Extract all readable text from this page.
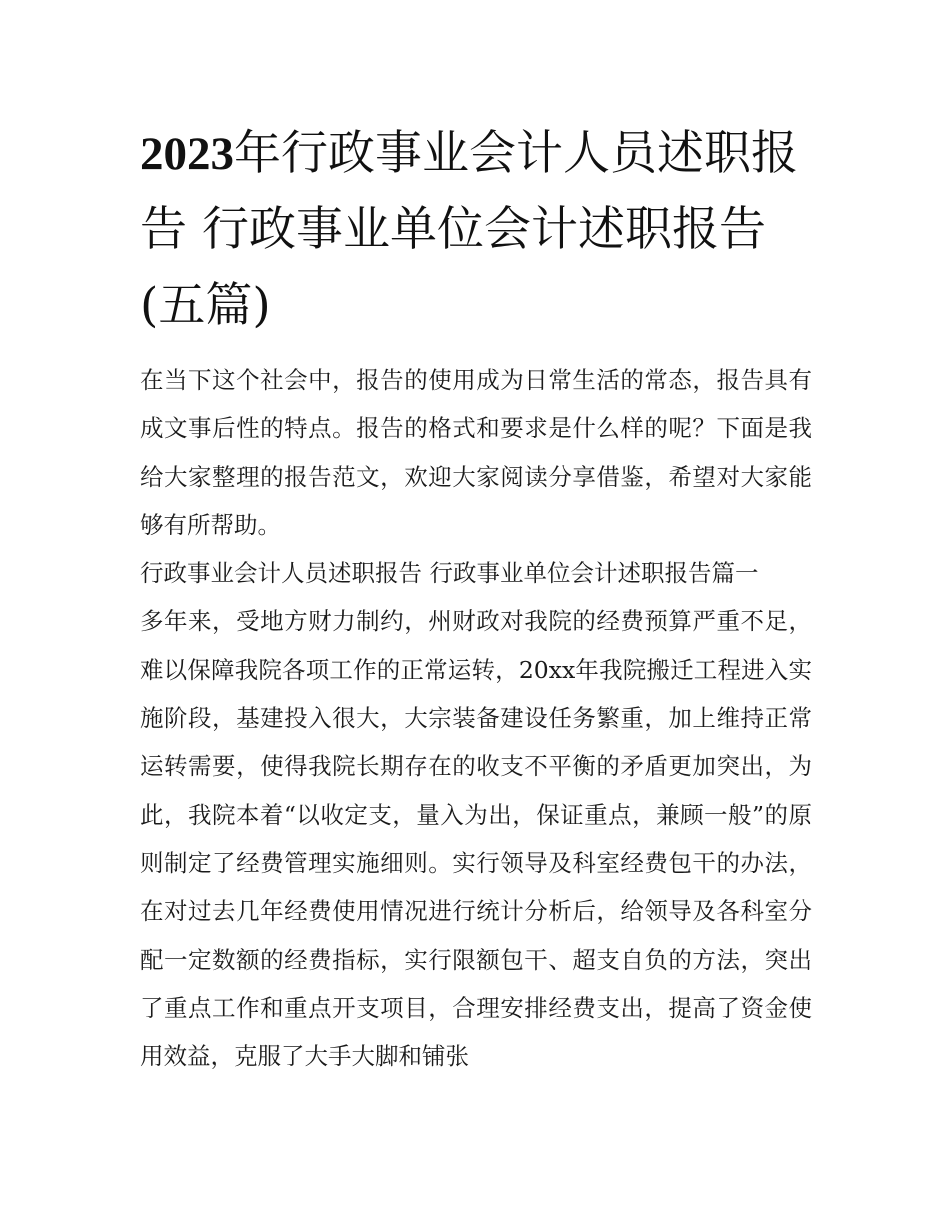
2023年行政事业会计人员述职报告 行政事业单位会计述职报告(五篇)

在当下这个社会中，报告的使用成为日常生活的常态，报告具有成文事后性的特点。报告的格式和要求是什么样的呢？下面是我给大家整理的报告范文，欢迎大家阅读分享借鉴，希望对大家能够有所帮助。

行政事业会计人员述职报告 行政事业单位会计述职报告篇一

多年来，受地方财力制约，州财政对我院的经费预算严重不足，难以保障我院各项工作的正常运转，20xx年我院搬迁工程进入实施阶段，基建投入很大，大宗装备建设任务繁重，加上维持正常运转需要，使得我院长期存在的收支不平衡的矛盾更加突出，为此，我院本着“以收定支，量入为出，保证重点，兼顾一般”的原则制定了经费管理实施细则。实行领导及科室经费包干的办法，在对过去几年经费使用情况进行统计分析后，给领导及各科室分配一定数额的经费指标，实行限额包干、超支自负的方法，突出了重点工作和重点开支项目，合理安排经费支出，提高了资金使用效益，克服了大手大脚和铺张
